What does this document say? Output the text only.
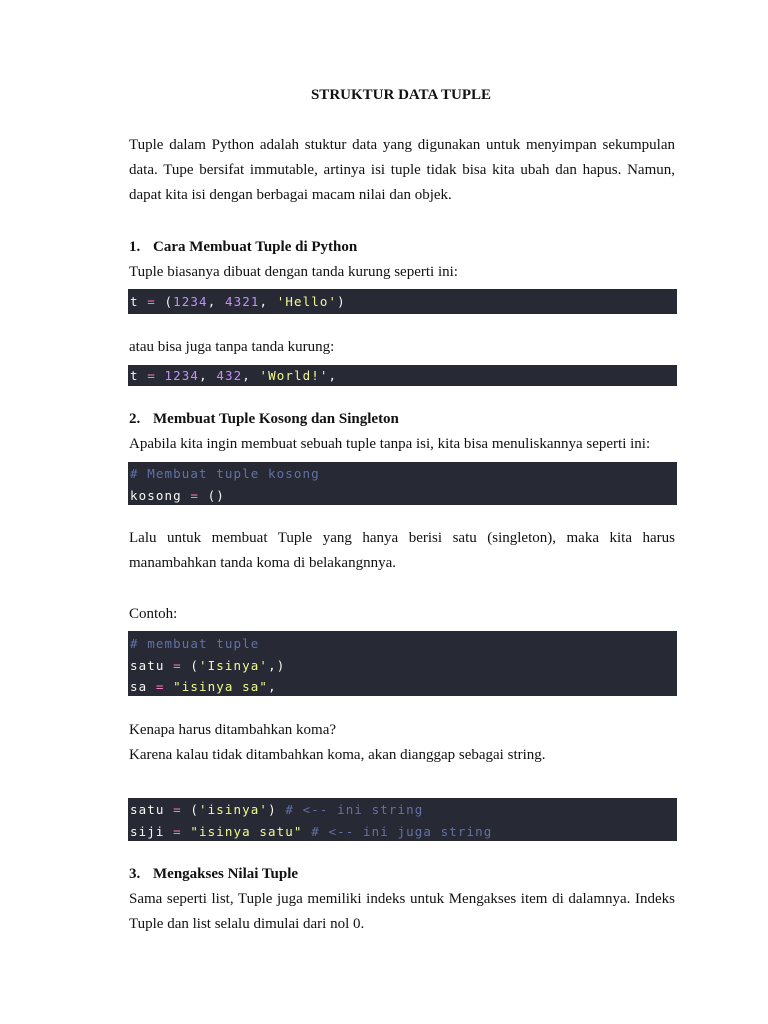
STRUKTUR DATA TUPLE

Tuple dalam Python adalah stuktur data yang digunakan untuk menyimpan sekumpulan data. Tupe bersifat immutable, artinya isi tuple tidak bisa kita ubah dan hapus. Namun, dapat kita isi dengan berbagai macam nilai dan objek.

1. Cara Membuat Tuple di Python
Tuple biasanya dibuat dengan tanda kurung seperti ini:
t = (1234, 4321, 'Hello')
atau bisa juga tanpa tanda kurung:
t = 1234, 432, 'World!',
2. Membuat Tuple Kosong dan Singleton
Apabila kita ingin membuat sebuah tuple tanpa isi, kita bisa menuliskannya seperti ini:
# Membuat tuple kosong
kosong = ()

Lalu untuk membuat Tuple yang hanya berisi satu (singleton), maka kita harus manambahkan tanda koma di belakangnnya.

Contoh:
# membuat tuple
satu = ('Isinya',)
sa = "isinya sa",
Kenapa harus ditambahkan koma?
Karena kalau tidak ditambahkan koma, akan dianggap sebagai string.
satu = ('isinya') # <-- ini string
siji = "isinya satu" # <-- ini juga string
3. Mengakses Nilai Tuple

Sama seperti list, Tuple juga memiliki indeks untuk Mengakses item di dalamnya. Indeks Tuple dan list selalu dimulai dari nol 0.
